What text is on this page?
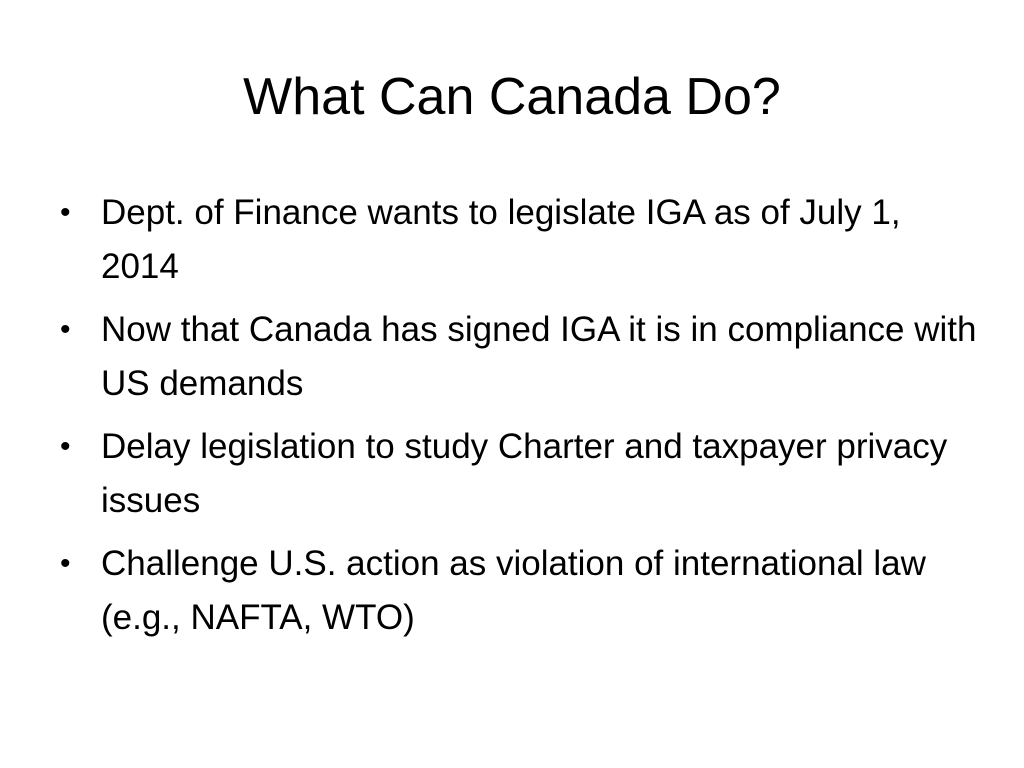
What Can Canada Do?
• Dept. of Finance wants to legislate IGA as of July 1, 2014
• Now that Canada has signed IGA it is in compliance with US demands
• Delay legislation to study Charter and taxpayer privacy issues
• Challenge U.S. action as violation of international law (e.g., NAFTA, WTO)
